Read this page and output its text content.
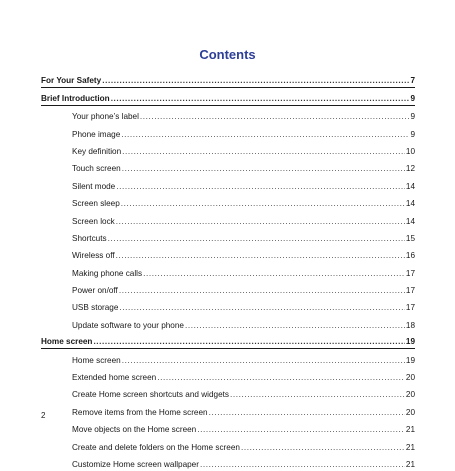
Contents
For Your Safety .....	7
Brief Introduction .....	9
Your phone’s label .....	9
Phone image .....	9
Key definition .....	10
Touch screen .....	12
Silent mode .....	14
Screen sleep .....	14
Screen lock .....	14
Shortcuts .....	15
Wireless off .....	16
Making phone calls .....	17
Power on/off .....	17
USB storage .....	17
Update software to your phone .....	18
Home screen .....	19
Home screen .....	19
Extended home screen .....	20
Create Home screen shortcuts and widgets .....	20
Remove items from the Home screen .....	20
Move objects on the Home screen .....	21
Create and delete folders on the Home screen .....	21
Customize Home screen wallpaper .....	21
2
